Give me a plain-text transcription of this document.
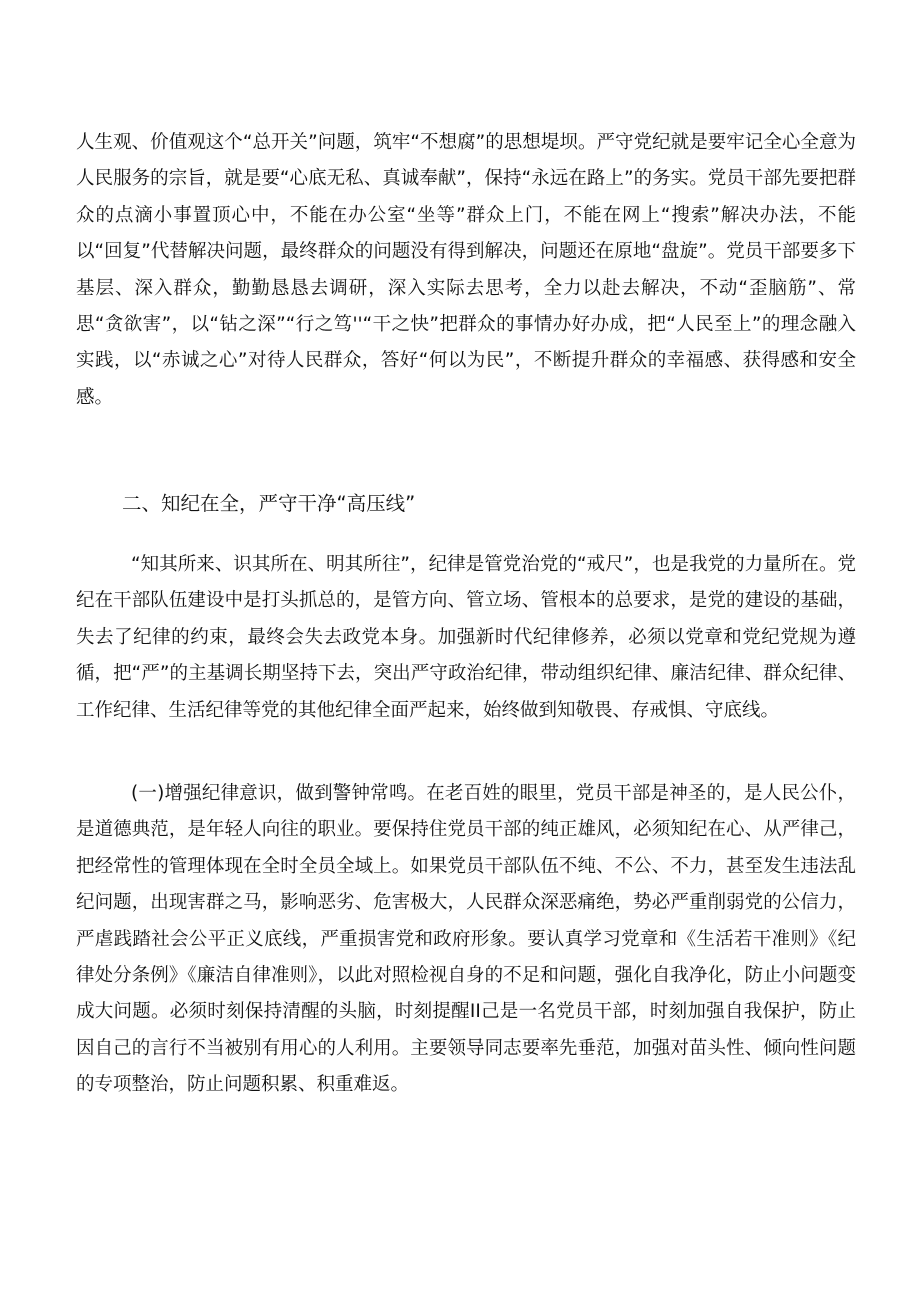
人生观、价值观这个“总开关”问题，筑牢“不想腐”的思想堤坝。严守党纪就是要牢记全心全意为人民服务的宗旨，就是要“心底无私、真诚奉献”，保持“永远在路上”的务实。党员干部先要把群众的点滴小事置顶心中，不能在办公室“坐等”群众上门，不能在网上“搜索”解决办法，不能以“回复”代替解决问题，最终群众的问题没有得到解决，问题还在原地“盘旋”。党员干部要多下基层、深入群众，勤勤恳恳去调研，深入实际去思考，全力以赴去解决，不动“歪脑筋”、常思“贪欲害”，以“钻之深”“行之笃''“干之快”把群众的事情办好办成，把“人民至上”的理念融入实践，以“赤诚之心”对待人民群众，答好“何以为民”，不断提升群众的幸福感、获得感和安全感。

二、知纪在全，严守干净“高压线”

“知其所来、识其所在、明其所往”，纪律是管党治党的“戒尺”，也是我党的力量所在。党纪在干部队伍建设中是打头抓总的，是管方向、管立场、管根本的总要求，是党的建设的基础，失去了纪律的约束，最终会失去政党本身。加强新时代纪律修养，必须以党章和党纪党规为遵循，把“严”的主基调长期坚持下去，突出严守政治纪律，带动组织纪律、廉洁纪律、群众纪律、工作纪律、生活纪律等党的其他纪律全面严起来，始终做到知敬畏、存戒惧、守底线。

(一)增强纪律意识，做到警钟常鸣。在老百姓的眼里，党员干部是神圣的，是人民公仆，是道德典范，是年轻人向往的职业。要保持住党员干部的纯正雄风，必须知纪在心、从严律己，把经常性的管理体现在全时全员全域上。如果党员干部队伍不纯、不公、不力，甚至发生违法乱纪问题，出现害群之马，影响恶劣、危害极大，人民群众深恶痛绝，势必严重削弱党的公信力，严虐践踏社会公平正义底线，严重损害党和政府形象。要认真学习党章和《生活若干准则》《纪律处分条例》《廉洁自律准则》，以此对照检视自身的不足和问题，强化自我净化，防止小问题变成大问题。必须时刻保持清醒的头脑，时刻提醒II己是一名党员干部，时刻加强自我保护，防止因自己的言行不当被别有用心的人利用。主要领导同志要率先垂范，加强对苗头性、倾向性问题的专项整治，防止问题积累、积重难返。
